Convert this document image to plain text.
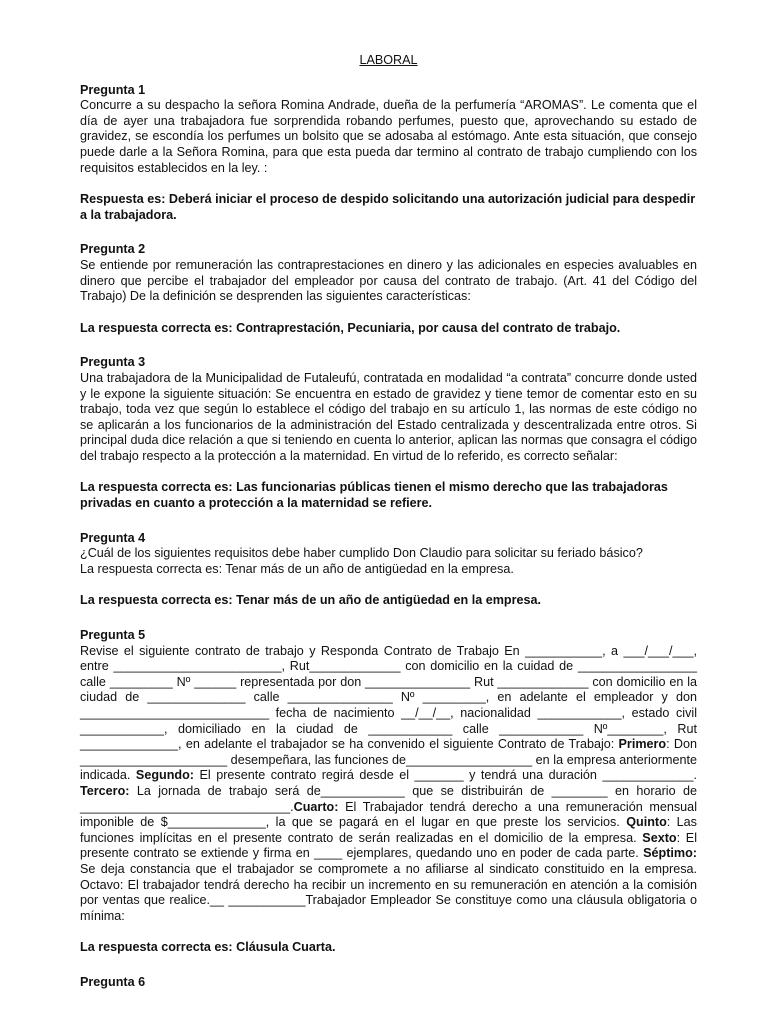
LABORAL

Pregunta 1

Concurre a su despacho la señora Romina Andrade, dueña de la perfumería “AROMAS”. Le comenta que el día de ayer una trabajadora fue sorprendida robando perfumes, puesto que, aprovechando su estado de gravidez, se escondía los perfumes un bolsito que se adosaba al estómago. Ante esta situación, que consejo puede darle a la Señora Romina, para que esta pueda dar termino al contrato de trabajo cumpliendo con los requisitos establecidos en la ley. :

Respuesta es: Deberá iniciar el proceso de despido solicitando una autorización judicial para despedir a la trabajadora.

Pregunta 2

Se entiende por remuneración las contraprestaciones en dinero y las adicionales en especies avaluables en dinero que percibe el trabajador del empleador por causa del contrato de trabajo. (Art. 41 del Código del Trabajo) De la definición se desprenden las siguientes características:

La respuesta correcta es: Contraprestación, Pecuniaria, por causa del contrato de trabajo.

Pregunta 3

Una trabajadora de la Municipalidad de Futaleufú, contratada en modalidad “a contrata” concurre donde usted y le expone la siguiente situación: Se encuentra en estado de gravidez y tiene temor de comentar esto en su trabajo, toda vez que según lo establece el código del trabajo en su artículo 1, las normas de este código no se aplicarán a los funcionarios de la administración del Estado centralizada y descentralizada entre otros. Si principal duda dice relación a que si teniendo en cuenta lo anterior, aplican las normas que consagra el código del trabajo respecto a la protección a la maternidad. En virtud de lo referido, es correcto señalar:

La respuesta correcta es: Las funcionarias públicas tienen el mismo derecho que las trabajadoras privadas en cuanto a protección a la maternidad se refiere.

Pregunta 4

¿Cuál de los siguientes requisitos debe haber cumplido Don Claudio para solicitar su feriado básico?

La respuesta correcta es: Tenar más de un año de antigüedad en la empresa.

La respuesta correcta es: Tenar más de un año de antigüedad en la empresa.

Pregunta 5

Revise el siguiente contrato de trabajo y Responda Contrato de Trabajo En ___________, a ___/___/___, entre ________________________, Rut_____________ con domicilio en la cuidad de _________________ calle _________ Nº ______ representada por don _______________ Rut _____________ con domicilio en la ciudad de ______________ calle _______________ Nº _________, en adelante el empleador y don ___________________________ fecha de nacimiento __/__/__, nacionalidad ____________, estado civil ____________, domiciliado en la ciudad de ____________ calle ____________ Nº________, Rut ______________, en adelante el trabajador se ha convenido el siguiente Contrato de Trabajo: Primero: Don _____________________ desempeñara, las funciones de__________________ en la empresa anteriormente indicada. Segundo: El presente contrato regirá desde el _______ y tendrá una duración _____________. Tercero: La jornada de trabajo será de____________ que se distribuirán de ________ en horario de ______________________________.Cuarto: El Trabajador tendrá derecho a una remuneración mensual imponible de $______________, la que se pagará en el lugar en que preste los servicios. Quinto: Las funciones implícitas en el presente contrato de serán realizadas en el domicilio de la empresa. Sexto: El presente contrato se extiende y firma en ____ ejemplares, quedando uno en poder de cada parte. Séptimo: Se deja constancia que el trabajador se compromete a no afiliarse al sindicato constituido en la empresa. Octavo: El trabajador tendrá derecho ha recibir un incremento en su remuneración en atención a la comisión por ventas que realice.__ ___________Trabajador Empleador Se constituye como una cláusula obligatoria o mínima:

La respuesta correcta es: Cláusula Cuarta.

Pregunta 6
